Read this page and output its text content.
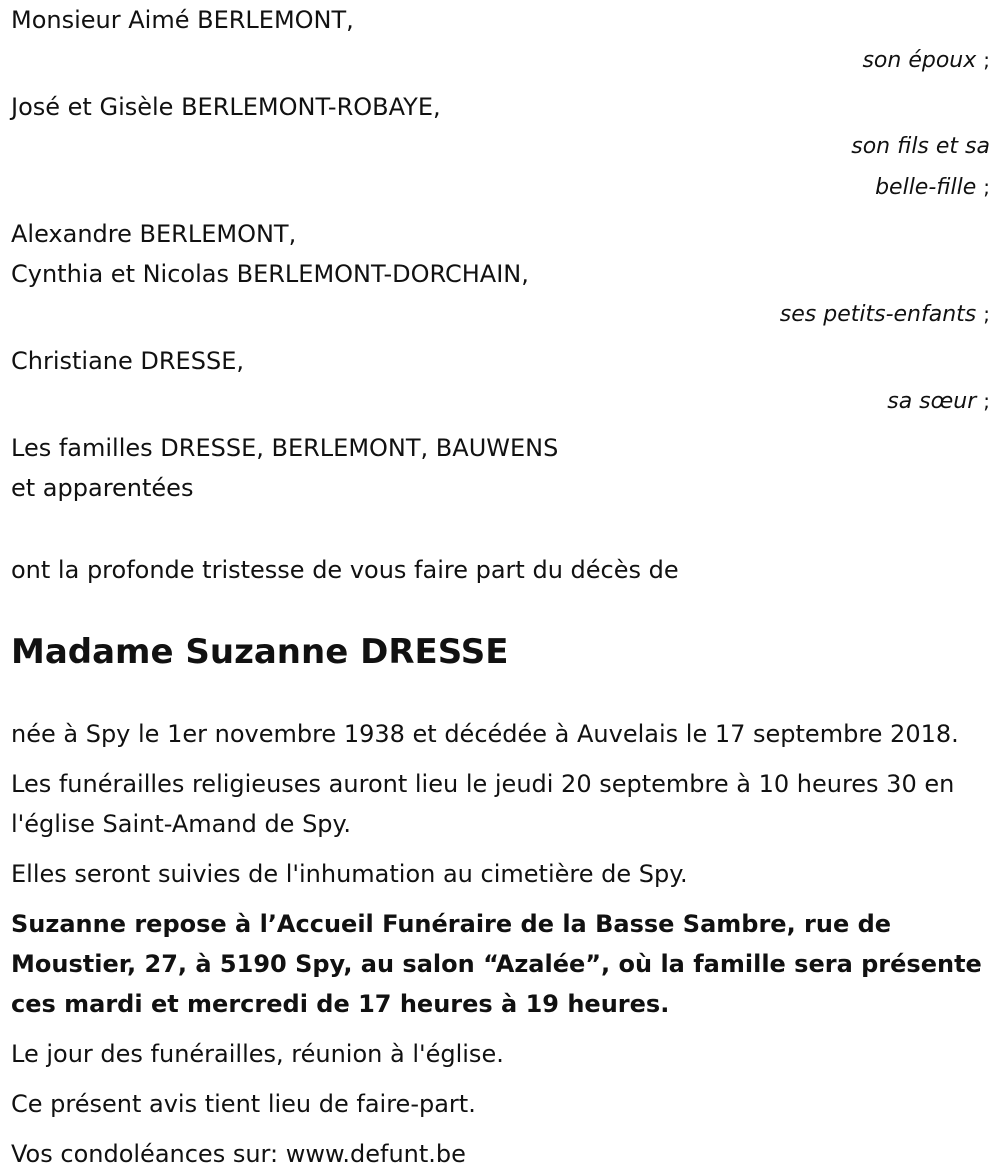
Monsieur Aimé BERLEMONT,
son époux ;
José et Gisèle BERLEMONT-ROBAYE,
son fils et sa
belle-fille ;
Alexandre BERLEMONT,
Cynthia et Nicolas BERLEMONT-DORCHAIN,
ses petits-enfants ;
Christiane DRESSE,
sa sœur ;
Les familles DRESSE, BERLEMONT, BAUWENS
et apparentées
ont la profonde tristesse de vous faire part du décès de
Madame Suzanne DRESSE

née à Spy le 1er novembre 1938 et décédée à Auvelais le 17 septembre 2018.

Les funérailles religieuses auront lieu le jeudi 20 septembre à 10 heures 30 en l'église Saint-Amand de Spy.

Elles seront suivies de l'inhumation au cimetière de Spy.

Suzanne repose à l’Accueil Funéraire de la Basse Sambre, rue de Moustier, 27, à 5190 Spy, au salon “Azalée”, où la famille sera présente ces mardi et mercredi de 17 heures à 19 heures.

Le jour des funérailles, réunion à l'église.

Ce présent avis tient lieu de faire-part.

Vos condoléances sur: www.defunt.be
